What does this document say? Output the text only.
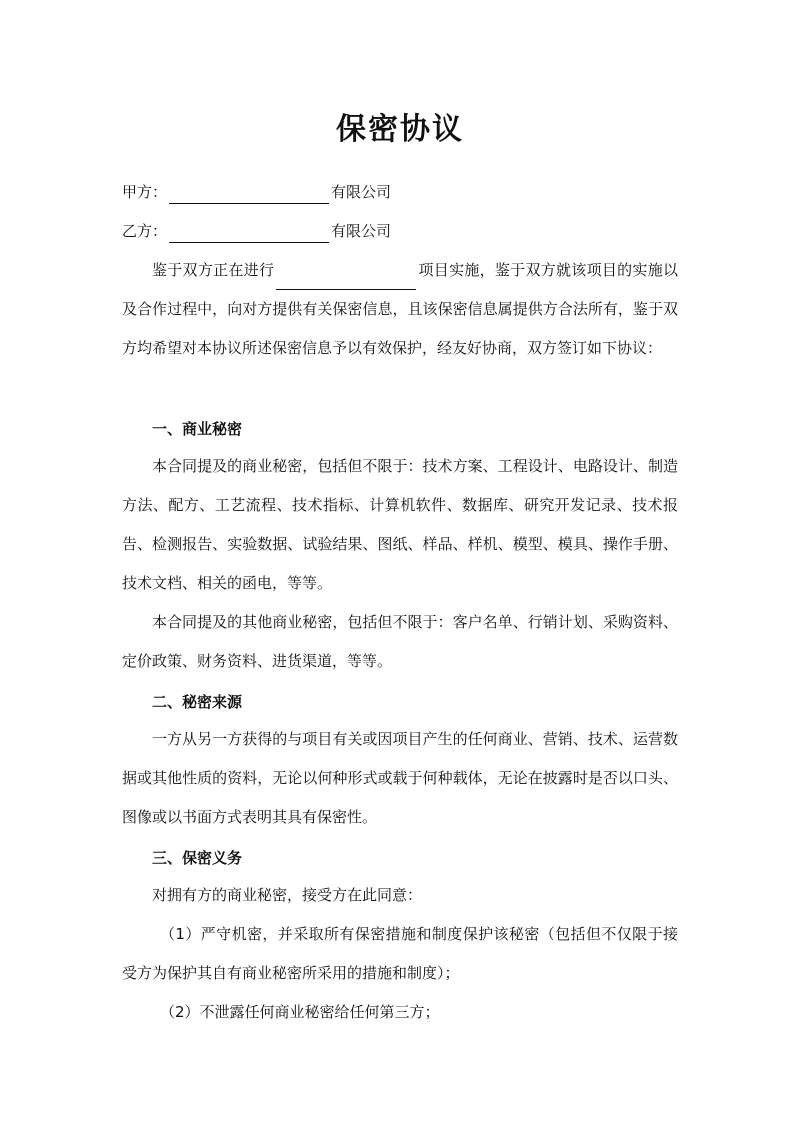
保密协议
甲方：	有限公司
乙方：	有限公司
鉴于双方正在进行	项目实施，鉴于双方就该项目的实施以及合作过程中，向对方提供有关保密信息，且该保密信息属提供方合法所有，鉴于双方均希望对本协议所述保密信息予以有效保护，经友好协商，双方签订如下协议：
一、商业秘密
本合同提及的商业秘密，包括但不限于：技术方案、工程设计、电路设计、制造方法、配方、工艺流程、技术指标、计算机软件、数据库、研究开发记录、技术报告、检测报告、实验数据、试验结果、图纸、样品、样机、模型、模具、操作手册、技术文档、相关的函电，等等。
本合同提及的其他商业秘密，包括但不限于：客户名单、行销计划、采购资料、定价政策、财务资料、进货渠道，等等。
二、秘密来源
一方从另一方获得的与项目有关或因项目产生的任何商业、营销、技术、运营数据或其他性质的资料，无论以何种形式或载于何种载体，无论在披露时是否以口头、图像或以书面方式表明其具有保密性。
三、保密义务
对拥有方的商业秘密，接受方在此同意：
（1）严守机密，并采取所有保密措施和制度保护该秘密（包括但不仅限于接受方为保护其自有商业秘密所采用的措施和制度）；
（2）不泄露任何商业秘密给任何第三方；
